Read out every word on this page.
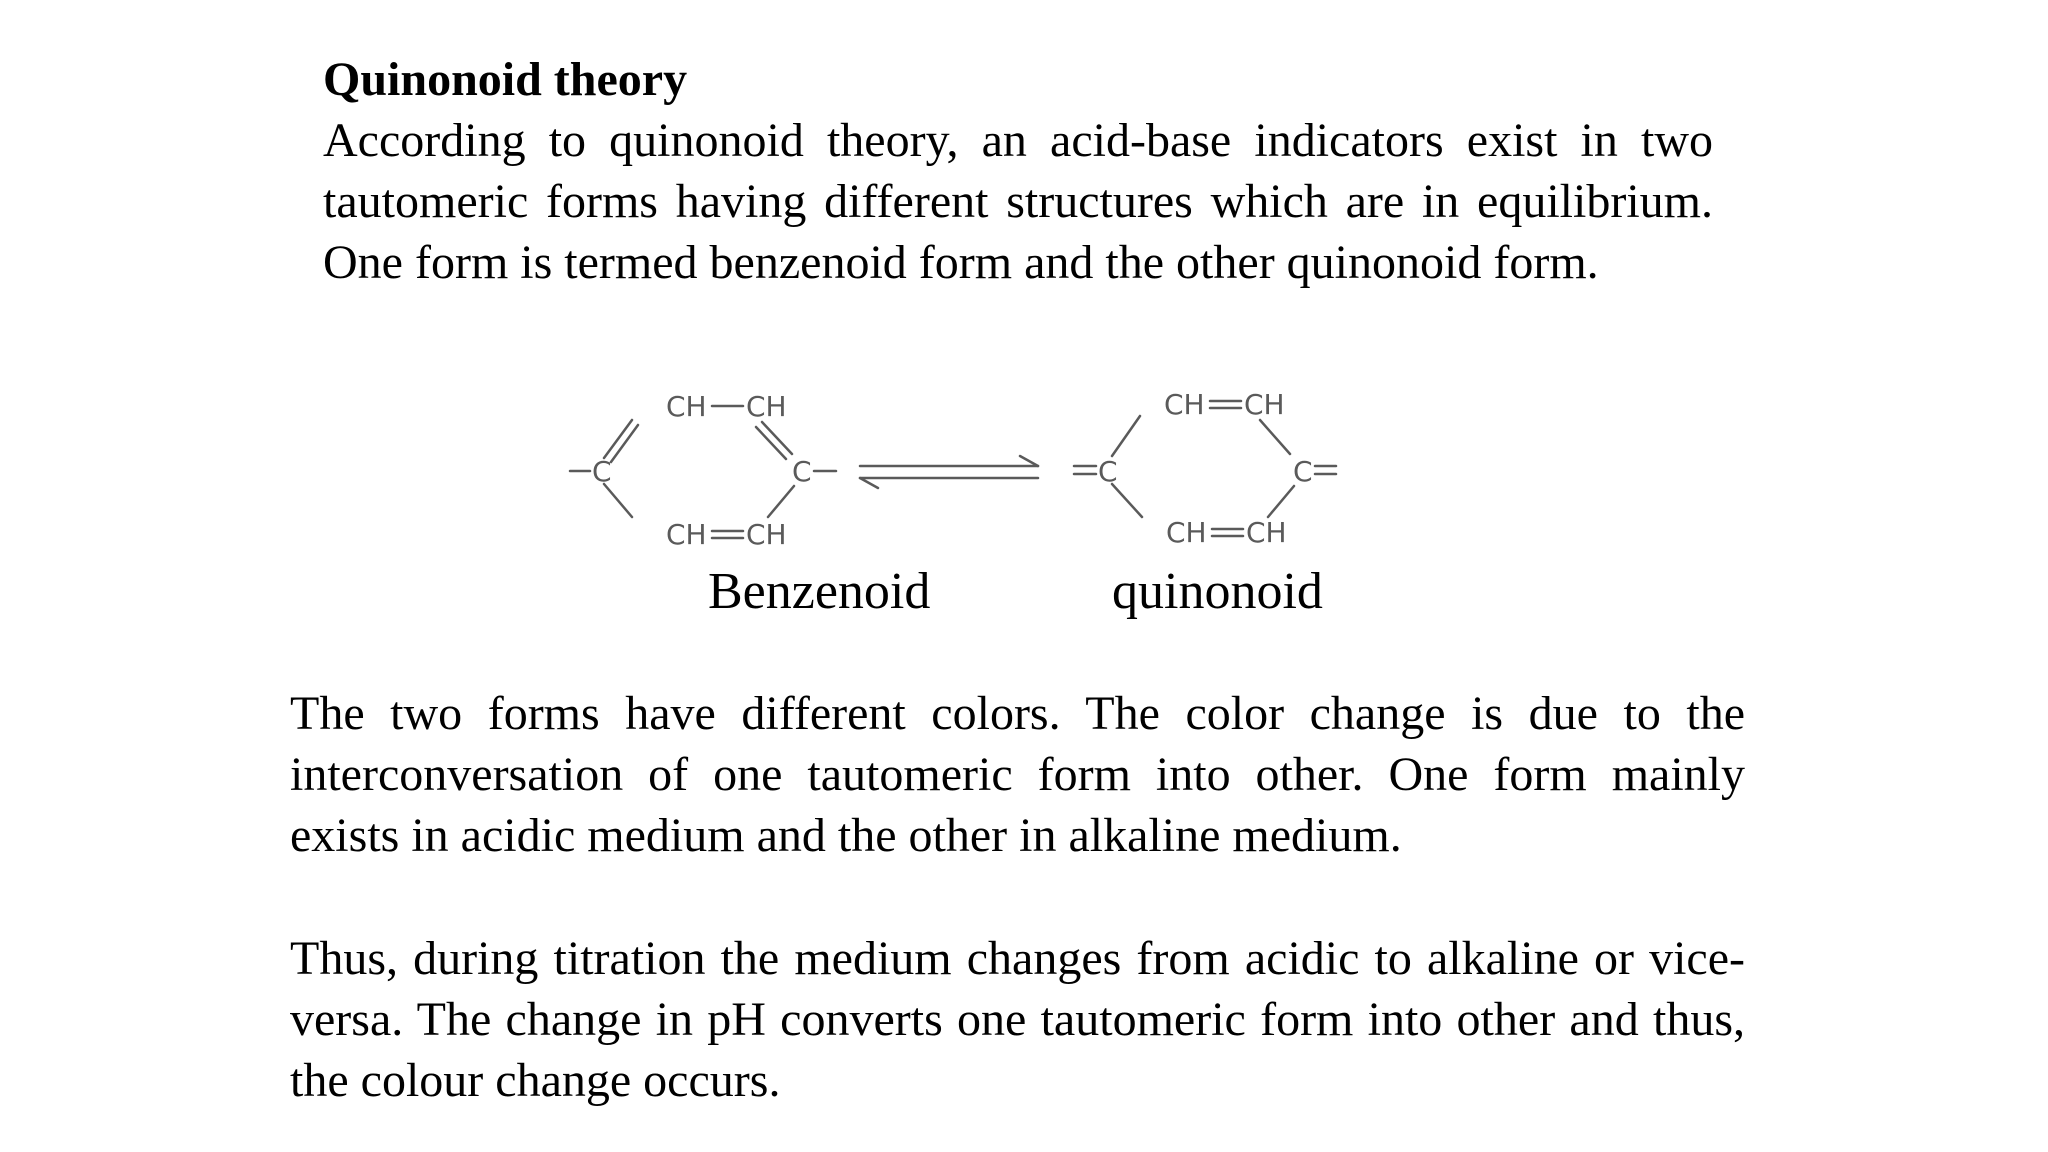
Quinonoid theory

According to quinonoid theory, an acid-base indicators exist in two tautomeric forms having different structures which are in equilibrium. One form is termed benzenoid form and the other quinonoid form.

C
CH CH
C
CH CH
C
CH CH
C
CH CH

Benzenoid	quinonoid

The two forms have different colors. The color change is due to the interconversation of one tautomeric form into other. One form mainly exists in acidic medium and the other in alkaline medium.

Thus, during titration the medium changes from acidic to alkaline or vice-versa. The change in pH converts one tautomeric form into other and thus, the colour change occurs.
